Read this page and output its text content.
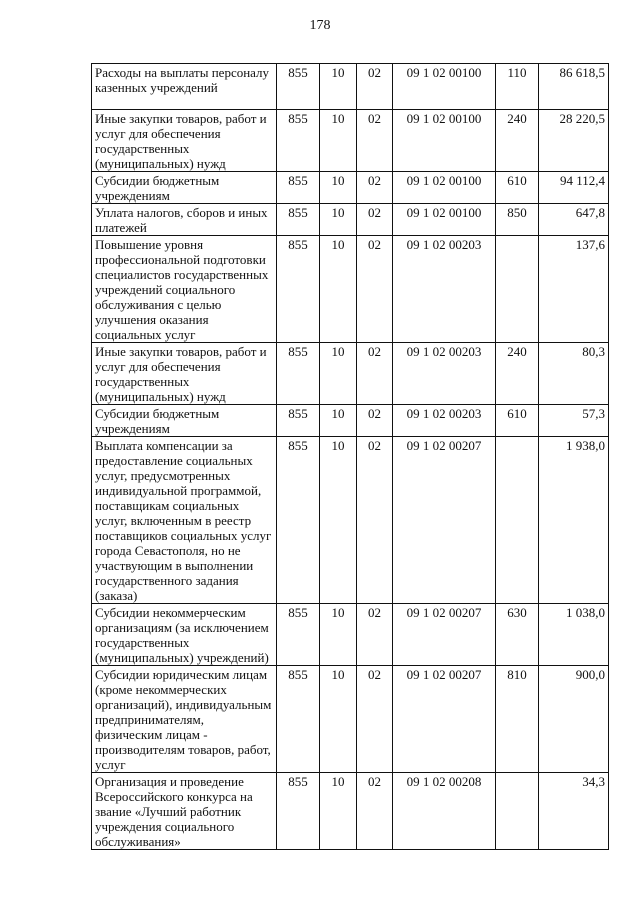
178
Расходы на выплаты персоналу казенных учреждений	855	10	02	09 1 02 00100	110	86 618,5
Иные закупки товаров, работ и услуг для обеспечения государственных (муниципальных) нужд	855	10	02	09 1 02 00100	240	28 220,5
Субсидии бюджетным учреждениям	855	10	02	09 1 02 00100	610	94 112,4
Уплата налогов, сборов и иных платежей	855	10	02	09 1 02 00100	850	647,8
Повышение уровня профессиональной подготовки специалистов государственных учреждений социального обслуживания с целью улучшения оказания социальных услуг	855	10	02	09 1 02 00203		137,6
Иные закупки товаров, работ и услуг для обеспечения государственных (муниципальных) нужд	855	10	02	09 1 02 00203	240	80,3
Субсидии бюджетным учреждениям	855	10	02	09 1 02 00203	610	57,3
Выплата компенсации за предоставление социальных услуг, предусмотренных индивидуальной программой, поставщикам социальных услуг, включенным в реестр поставщиков социальных услуг города Севастополя, но не участвующим в выполнении государственного задания (заказа)	855	10	02	09 1 02 00207		1 938,0
Субсидии некоммерческим организациям (за исключением государственных (муниципальных) учреждений)	855	10	02	09 1 02 00207	630	1 038,0
Субсидии юридическим лицам (кроме некоммерческих организаций), индивидуальным предпринимателям, физическим лицам - производителям товаров, работ, услуг	855	10	02	09 1 02 00207	810	900,0
Организация и проведение Всероссийского конкурса на звание «Лучший работник учреждения социального обслуживания»	855	10	02	09 1 02 00208		34,3
